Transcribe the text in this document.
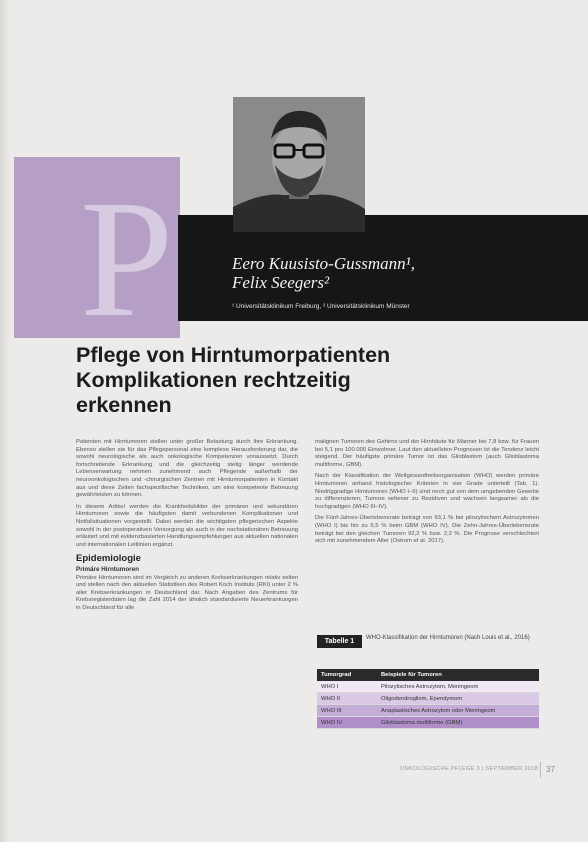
P	Eero Kuusisto-Gussmann¹,
Felix Seegers²
¹ Universitätsklinikum Freiburg, ² Universitätsklinikum Münster
Pflege von Hirntumorpatienten
Komplikationen rechtzeitig
erkennen

Patienten mit Hirntumoren stellen unter großer Belastung durch ihre Erkrankung. Ebenso stellen sie für das Pflegepersonal eine komplexe Herausforderung dar, die sowohl neurologische als auch onkologische Kompetenzen voraussetzt. Durch fortschreitende Erkrankung und die gleichzeitig stetig länger werdende Lebenserwartung nehmen zunehmend auch Pflegende außerhalb der neuroonkologischen und -chirurgischen Zentren mit Hirntumorpatienten in Kontakt aus und diese Zeiten fachspezifischer Techniken, um eine kompetente Betreuung gewährleisten zu können.

In diesem Artikel werden die Krankheitsbilder der primären und sekundären Hirntumoren sowie die häufigsten damit verbundenen Komplikationen und Notfallsituationen vorgestellt. Dabei werden die wichtigsten pflegerischen Aspekte sowohl in der postoperativen Versorgung als auch in der nachstationären Betreuung erläutert und mit evidenzbasierten Handlungsempfehlungen aus aktuellen nationalen und internationalen Leitlinien ergänzt.

Epidemiologie
Primäre Hirntumoren

Primäre Hirntumoren sind im Vergleich zu anderen Krebserkrankungen relativ selten und stellen nach den aktuellen Statistiken des Robert Koch Instituts (RKI) unter 2 % aller Krebserkrankungen in Deutschland dar. Nach Angaben des Zentrums für Krebsregisterdaten lag die Zahl 2014 der ähnlich standardisierte Neuerkrankungen in Deutschland für alle

malignen Tumoren des Gehirns und der Hirnhäute für Männer bei 7,8 bzw. für Frauen bei 5,1 pro 100.000 Einwohner. Laut den aktuellsten Prognosen ist die Tendenz leicht steigend. Der häufigste primäre Tumor ist das Glioblastom (auch Glioblastoma multiforme, GBM).

Nach der Klassifikation der Weltgesundheitsorganisation (WHO) werden primäre Hirntumoren anhand histologischer Kriterien in vier Grade unterteilt (Tab. 1). Niedriggradige Hirntumoren (WHO I–II) sind noch gut von dem umgebenden Gewebe zu differenzieren, Tumore seltener zu Rezidiven und wachsen langsamer als die hochgradigen (WHO III–IV).

Die Fünf-Jahres-Überlebensrate beträgt von 93,1 % bei pilozytischem Astrozytomen (WHO I) bis hin zu 5,5 % beim GBM (WHO IV). Die Zehn-Jahres-Überlebensrate beträgt bei den gleichen Tumoren 92,2 % bzw. 2,2 %. Die Prognose verschlechtert sich mit zunehmendem Alter (Ostrom et al. 2017).

Tabelle 1	WHO-Klassifikation der Hirntumoren (Nach Louis et al., 2016)
Tumorgrad	Beispiele für Tumoren
WHO I	Pilozytisches Astrozytom, Meningeom
WHO II	Oligodendrogliom, Ependymom
WHO III	Anaplastisches Astrozytom oder Meningeom
WHO IV	Glioblastoma multiforme (GBM)
ONKOLOGISCHE PFLEGE 3 | SEPTEMBER 2018 37
